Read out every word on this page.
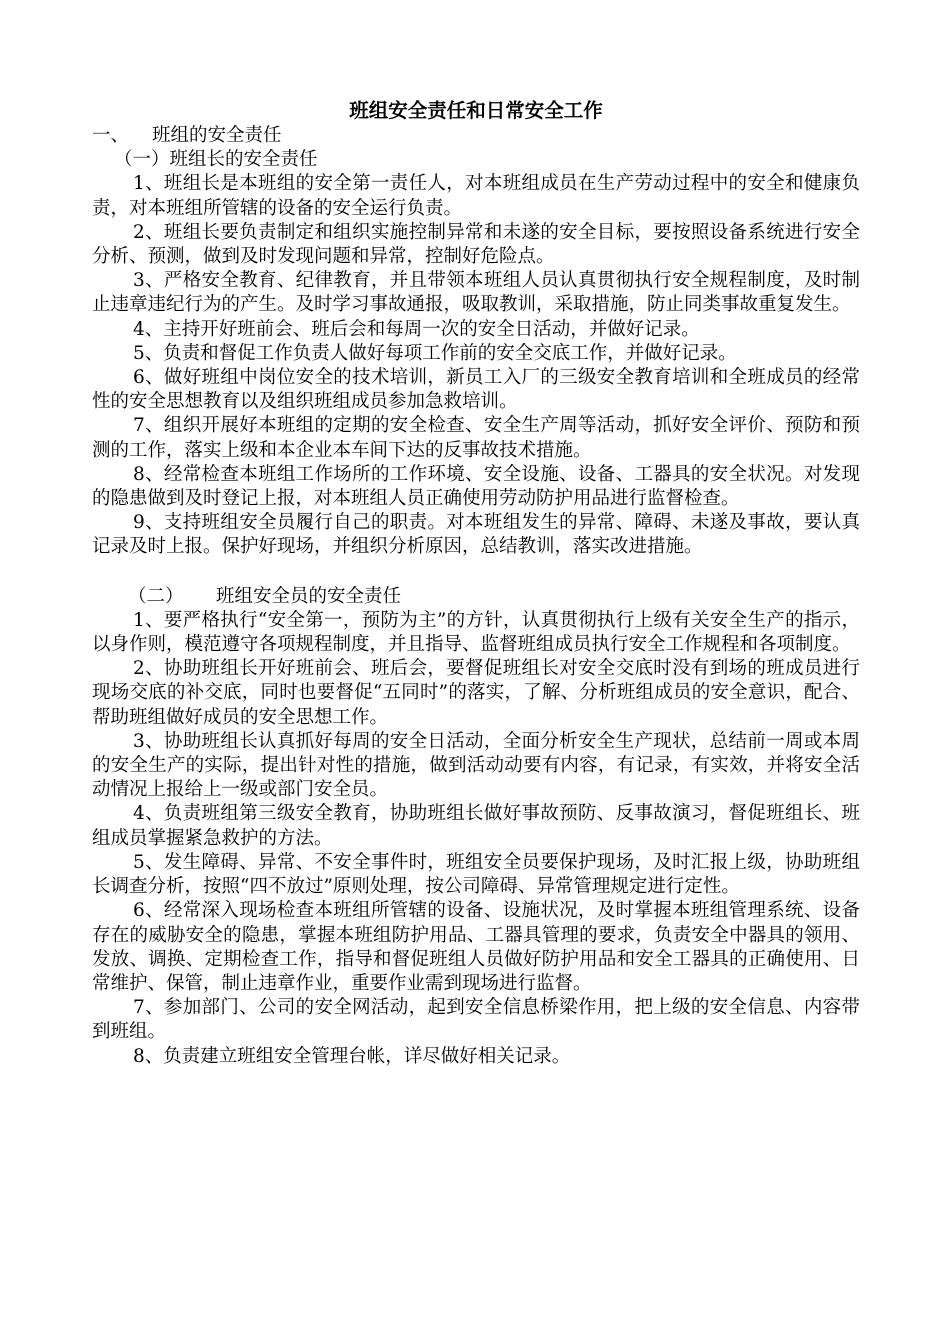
班组安全责任和日常安全工作
一、 班组的安全责任
（一）班组长的安全责任

1、班组长是本班组的安全第一责任人，对本班组成员在生产劳动过程中的安全和健康负责，对本班组所管辖的设备的安全运行负责。

2、班组长要负责制定和组织实施控制异常和未遂的安全目标，要按照设备系统进行安全分析、预测，做到及时发现问题和异常，控制好危险点。

3、严格安全教育、纪律教育，并且带领本班组人员认真贯彻执行安全规程制度，及时制止违章违纪行为的产生。及时学习事故通报，吸取教训，采取措施，防止同类事故重复发生。

4、主持开好班前会、班后会和每周一次的安全日活动，并做好记录。

5、负责和督促工作负责人做好每项工作前的安全交底工作，并做好记录。

6、做好班组中岗位安全的技术培训，新员工入厂的三级安全教育培训和全班成员的经常性的安全思想教育以及组织班组成员参加急救培训。

7、组织开展好本班组的定期的安全检查、安全生产周等活动，抓好安全评价、预防和预测的工作，落实上级和本企业本车间下达的反事故技术措施。

8、经常检查本班组工作场所的工作环境、安全设施、设备、工器具的安全状况。对发现的隐患做到及时登记上报，对本班组人员正确使用劳动防护用品进行监督检查。

9、支持班组安全员履行自己的职责。对本班组发生的异常、障碍、未遂及事故，要认真记录及时上报。保护好现场，并组织分析原因，总结教训，落实改进措施。

（二） 班组安全员的安全责任

1、要严格执行“安全第一，预防为主”的方针，认真贯彻执行上级有关安全生产的指示，以身作则，模范遵守各项规程制度，并且指导、监督班组成员执行安全工作规程和各项制度。

2、协助班组长开好班前会、班后会，要督促班组长对安全交底时没有到场的班成员进行现场交底的补交底，同时也要督促“五同时”的落实，了解、分析班组成员的安全意识，配合、帮助班组做好成员的安全思想工作。

3、协助班组长认真抓好每周的安全日活动，全面分析安全生产现状，总结前一周或本周的安全生产的实际，提出针对性的措施，做到活动动要有内容，有记录，有实效，并将安全活动情况上报给上一级或部门安全员。

4、负责班组第三级安全教育，协助班组长做好事故预防、反事故演习，督促班组长、班组成员掌握紧急救护的方法。

5、发生障碍、异常、不安全事件时，班组安全员要保护现场，及时汇报上级，协助班组长调查分析，按照“四不放过”原则处理，按公司障碍、异常管理规定进行定性。

6、经常深入现场检查本班组所管辖的设备、设施状况，及时掌握本班组管理系统、设备存在的威胁安全的隐患，掌握本班组防护用品、工器具管理的要求，负责安全中器具的领用、发放、调换、定期检查工作，指导和督促班组人员做好防护用品和安全工器具的正确使用、日常维护、保管，制止违章作业，重要作业需到现场进行监督。

7、参加部门、公司的安全网活动，起到安全信息桥梁作用，把上级的安全信息、内容带到班组。

8、负责建立班组安全管理台帐，详尽做好相关记录。
